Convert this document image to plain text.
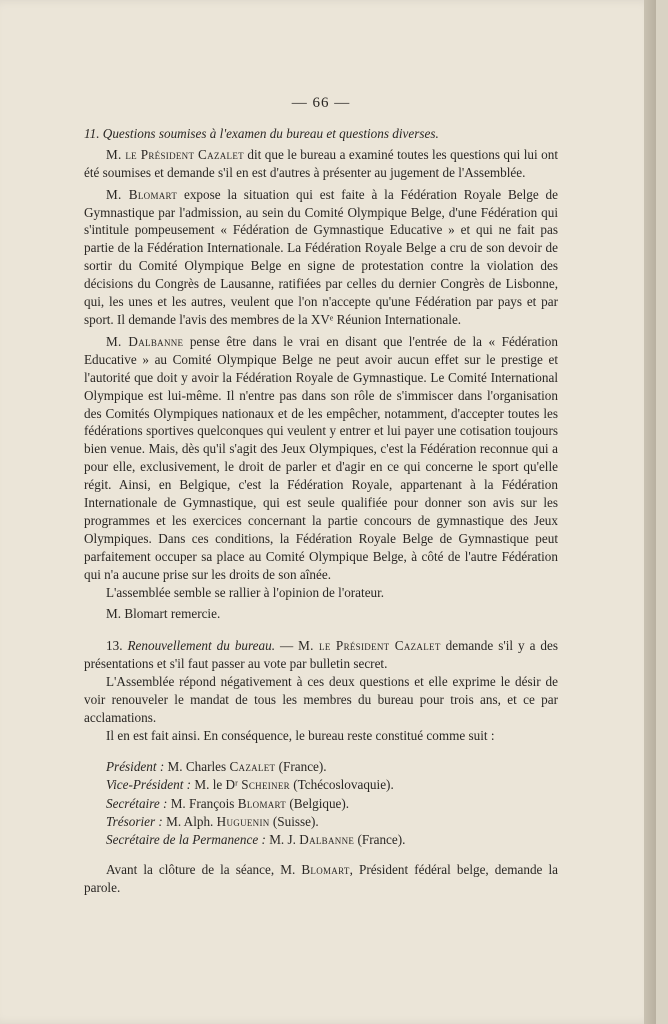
— 66 —

11. Questions soumises à l'examen du bureau et questions diverses.

M. le Président Cazalet dit que le bureau a examiné toutes les questions qui lui ont été soumises et demande s'il en est d'autres à présenter au jugement de l'Assemblée.

M. Blomart expose la situation qui est faite à la Fédération Royale Belge de Gymnastique par l'admission, au sein du Comité Olympique Belge, d'une Fédération qui s'intitule pompeusement « Fédération de Gymnastique Educative » et qui ne fait pas partie de la Fédération Internationale. La Fédération Royale Belge a cru de son devoir de sortir du Comité Olympique Belge en signe de protestation contre la violation des décisions du Congrès de Lausanne, ratifiées par celles du dernier Congrès de Lisbonne, qui, les unes et les autres, veulent que l'on n'accepte qu'une Fédération par pays et par sport. Il demande l'avis des membres de la XVᵉ Réunion Internationale.

M. Dalbanne pense être dans le vrai en disant que l'entrée de la « Fédération Educative » au Comité Olympique Belge ne peut avoir aucun effet sur le prestige et l'autorité que doit y avoir la Fédération Royale de Gymnastique. Le Comité International Olympique est lui-même. Il n'entre pas dans son rôle de s'immiscer dans l'organisation des Comités Olympiques nationaux et de les empêcher, notamment, d'accepter toutes les fédérations sportives quelconques qui veulent y entrer et lui payer une cotisation toujours bien venue. Mais, dès qu'il s'agit des Jeux Olympiques, c'est la Fédération reconnue qui a pour elle, exclusivement, le droit de parler et d'agir en ce qui concerne le sport qu'elle régit. Ainsi, en Belgique, c'est la Fédération Royale, appartenant à la Fédération Internationale de Gymnastique, qui est seule qualifiée pour donner son avis sur les programmes et les exercices concernant la partie concours de gymnastique des Jeux Olympiques. Dans ces conditions, la Fédération Royale Belge de Gymnastique peut parfaitement occuper sa place au Comité Olympique Belge, à côté de l'autre Fédération qui n'a aucune prise sur les droits de son aînée.

L'assemblée semble se rallier à l'opinion de l'orateur.

M. Blomart remercie.

13. Renouvellement du bureau. — M. le Président Cazalet demande s'il y a des présentations et s'il faut passer au vote par bulletin secret.

L'Assemblée répond négativement à ces deux questions et elle exprime le désir de voir renouveler le mandat de tous les membres du bureau pour trois ans, et ce par acclamations.

Il en est fait ainsi. En conséquence, le bureau reste constitué comme suit :

Président : M. Charles Cazalet (France).
Vice-Président : M. le Dʳ Scheiner (Tchécoslovaquie).
Secrétaire : M. François Blomart (Belgique).
Trésorier : M. Alph. Huguenin (Suisse).
Secrétaire de la Permanence : M. J. Dalbanne (France).

Avant la clôture de la séance, M. Blomart, Président fédéral belge, demande la parole.
